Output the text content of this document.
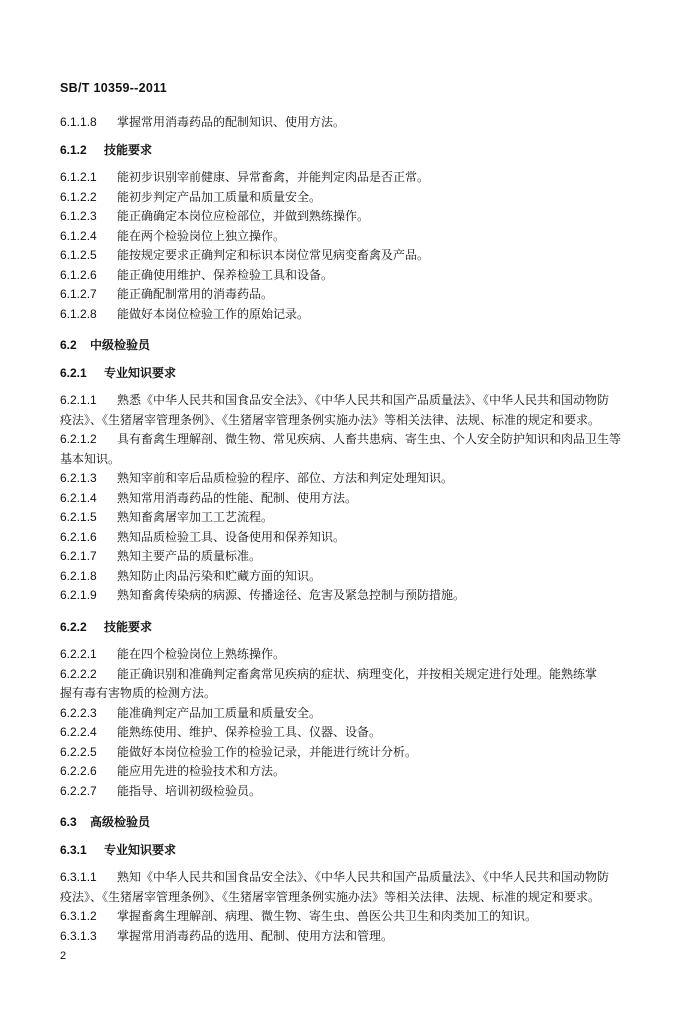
SB/T 10359--2011
6.1.1.8 掌握常用消毒药品的配制知识、使用方法。
6.1.2 技能要求
6.1.2.1 能初步识别宰前健康、异常畜禽，并能判定肉品是否正常。
6.1.2.2 能初步判定产品加工质量和质量安全。
6.1.2.3 能正确确定本岗位应检部位，并做到熟练操作。
6.1.2.4 能在两个检验岗位上独立操作。
6.1.2.5 能按规定要求正确判定和标识本岗位常见病变畜禽及产品。
6.1.2.6 能正确使用维护、保养检验工具和设备。
6.1.2.7 能正确配制常用的消毒药品。
6.1.2.8 能做好本岗位检验工作的原始记录。
6.2 中级检验员
6.2.1 专业知识要求
6.2.1.1 熟悉《中华人民共和国食品安全法》、《中华人民共和国产品质量法》、《中华人民共和国动物防
疫法》、《生猪屠宰管理条例》、《生猪屠宰管理条例实施办法》等相关法律、法规、标准的规定和要求。
6.2.1.2 具有畜禽生理解剖、微生物、常见疾病、人畜共患病、寄生虫、个人安全防护知识和肉品卫生等
基本知识。
6.2.1.3 熟知宰前和宰后品质检验的程序、部位、方法和判定处理知识。
6.2.1.4 熟知常用消毒药品的性能、配制、使用方法。
6.2.1.5 熟知畜禽屠宰加工工艺流程。
6.2.1.6 熟知品质检验工具、设备使用和保养知识。
6.2.1.7 熟知主要产品的质量标准。
6.2.1.8 熟知防止肉品污染和贮藏方面的知识。
6.2.1.9 熟知畜禽传染病的病源、传播途径、危害及紧急控制与预防措施。
6.2.2 技能要求
6.2.2.1 能在四个检验岗位上熟练操作。
6.2.2.2 能正确识别和准确判定畜禽常见疾病的症状、病理变化，并按相关规定进行处理。能熟练掌
握有毒有害物质的检测方法。
6.2.2.3 能准确判定产品加工质量和质量安全。
6.2.2.4 能熟练使用、维护、保养检验工具、仪器、设备。
6.2.2.5 能做好本岗位检验工作的检验记录，并能进行统计分析。
6.2.2.6 能应用先进的检验技术和方法。
6.2.2.7 能指导、培训初级检验员。
6.3 高级检验员
6.3.1 专业知识要求
6.3.1.1 熟知《中华人民共和国食品安全法》、《中华人民共和国产品质量法》、《中华人民共和国动物防
疫法》、《生猪屠宰管理条例》、《生猪屠宰管理条例实施办法》等相关法律、法规、标准的规定和要求。
6.3.1.2 掌握畜禽生理解剖、病理、微生物、寄生虫、兽医公共卫生和肉类加工的知识。
6.3.1.3 掌握常用消毒药品的选用、配制、使用方法和管理。
2
